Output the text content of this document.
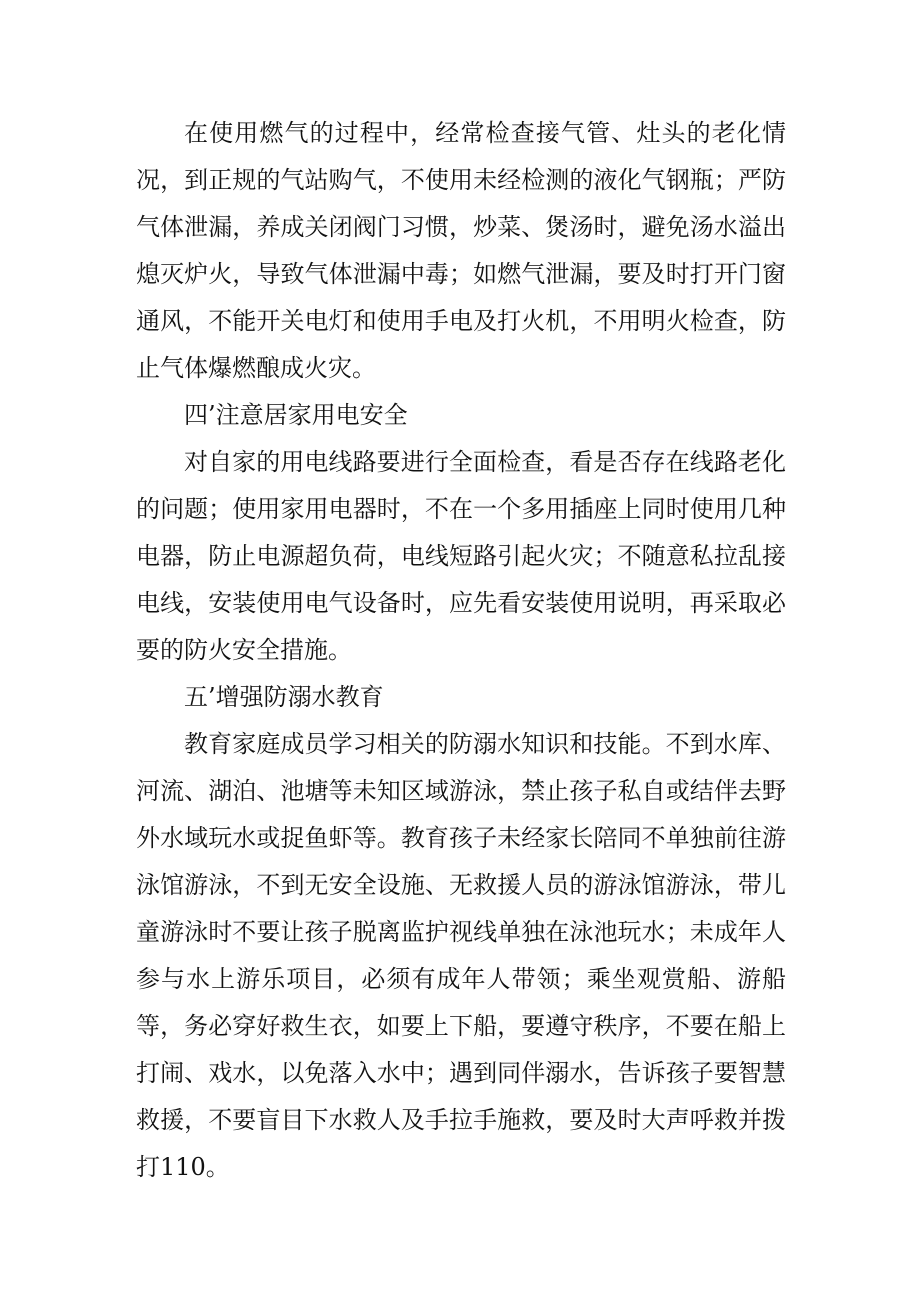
在使用燃气的过程中，经常检查接气管、灶头的老化情况，到正规的气站购气，不使用未经检测的液化气钢瓶；严防气体泄漏，养成关闭阀门习惯，炒菜、煲汤时，避免汤水溢出熄灭炉火，导致气体泄漏中毒；如燃气泄漏，要及时打开门窗通风，不能开关电灯和使用手电及打火机，不用明火检查，防止气体爆燃酿成火灾。

四’注意居家用电安全

对自家的用电线路要进行全面检查，看是否存在线路老化的问题；使用家用电器时，不在一个多用插座上同时使用几种电器，防止电源超负荷，电线短路引起火灾；不随意私拉乱接电线，安装使用电气设备时，应先看安装使用说明，再采取必要的防火安全措施。

五’增强防溺水教育

教育家庭成员学习相关的防溺水知识和技能。不到水库、河流、湖泊、池塘等未知区域游泳，禁止孩子私自或结伴去野外水域玩水或捉鱼虾等。教育孩子未经家长陪同不单独前往游泳馆游泳，不到无安全设施、无救援人员的游泳馆游泳，带儿童游泳时不要让孩子脱离监护视线单独在泳池玩水；未成年人参与水上游乐项目，必须有成年人带领；乘坐观赏船、游船等，务必穿好救生衣，如要上下船，要遵守秩序，不要在船上打闹、戏水，以免落入水中；遇到同伴溺水，告诉孩子要智慧救援，不要盲目下水救人及手拉手施救，要及时大声呼救并拨打110。
